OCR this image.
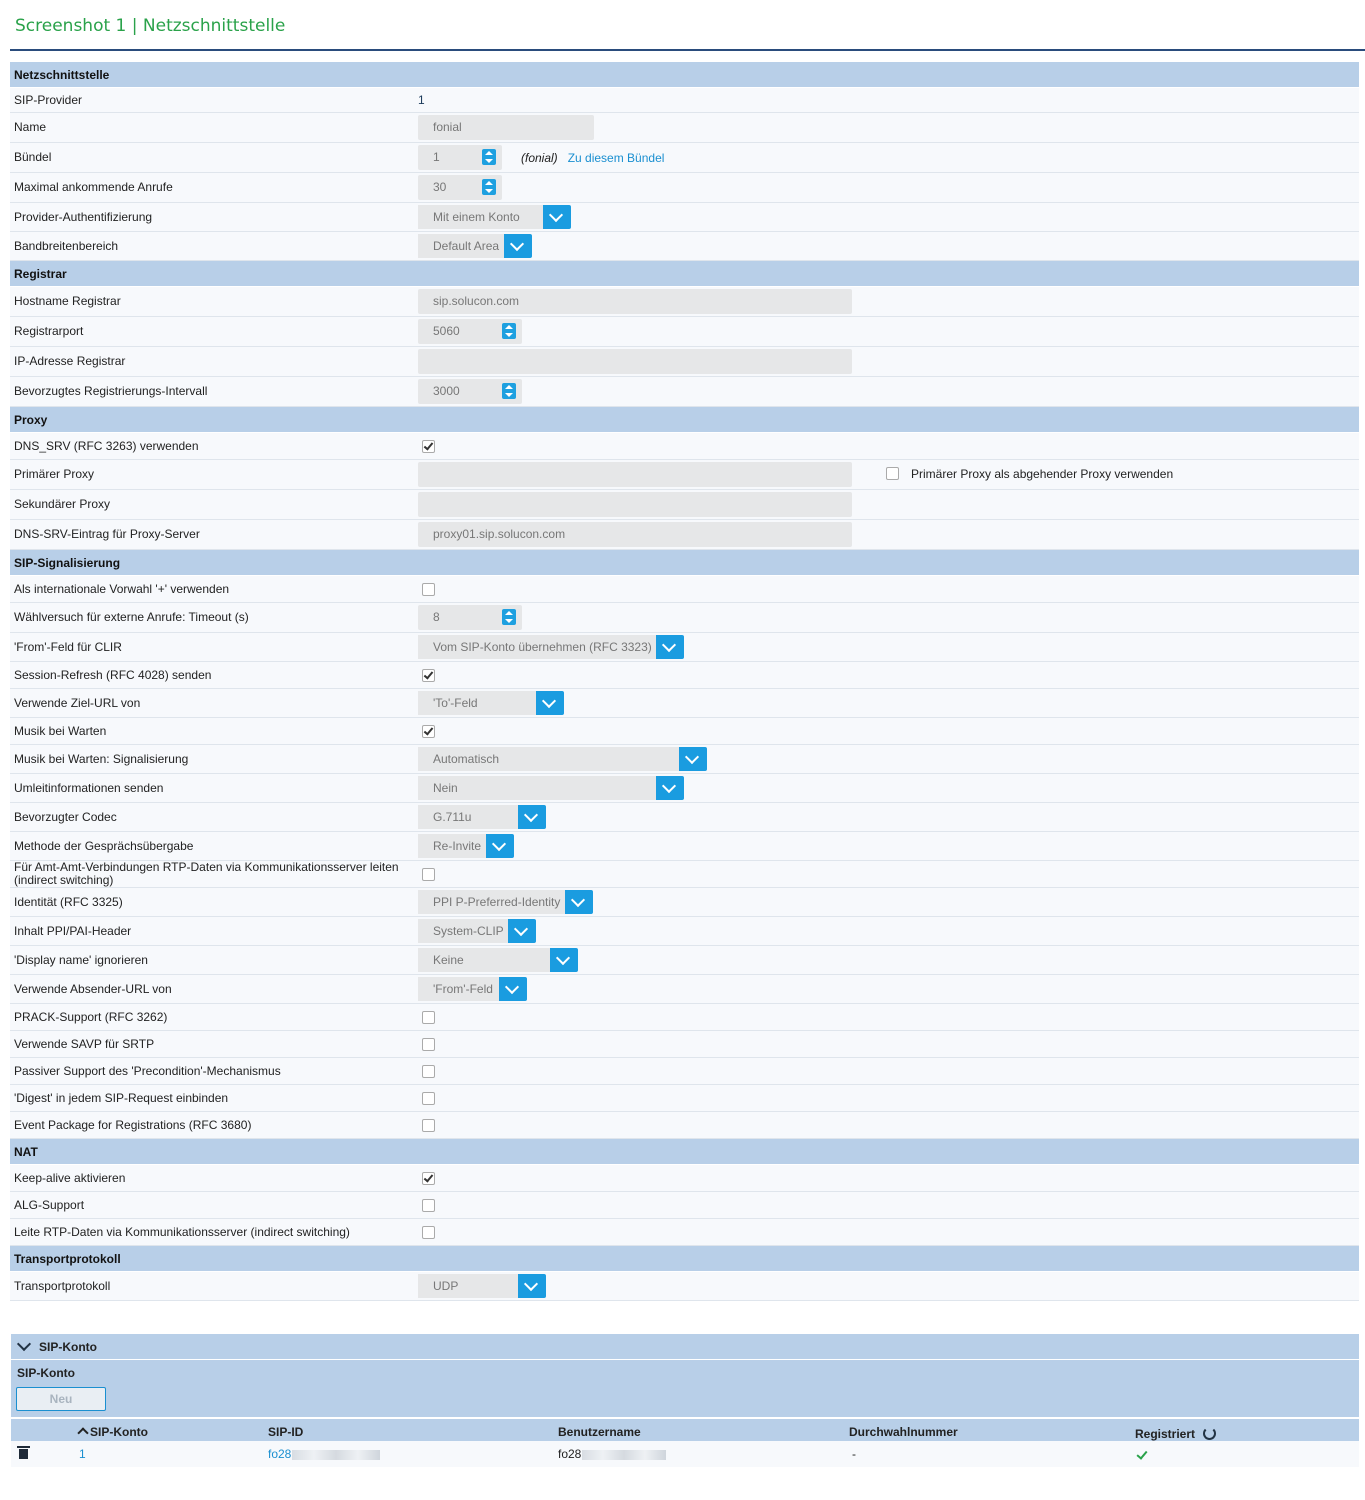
Screenshot 1 | Netzschnittstelle
Netzschnittstelle
SIP-Provider	1
Name	fonial
Bündel	1	(fonial) Zu diesem Bündel
Maximal ankommende Anrufe	30
Provider-Authentifizierung	Mit einem Konto
Bandbreitenbereich	Default Area
Registrar
Hostname Registrar	sip.solucon.com
Registrarport	5060
IP-Adresse Registrar
Bevorzugtes Registrierungs-Intervall	3000
Proxy
DNS_SRV (RFC 3263) verwenden
Primärer Proxy	Primärer Proxy als abgehender Proxy verwenden
Sekundärer Proxy
DNS-SRV-Eintrag für Proxy-Server	proxy01.sip.solucon.com
SIP-Signalisierung
Als internationale Vorwahl '+' verwenden
Wählversuch für externe Anrufe: Timeout (s)	8
'From'-Feld für CLIR	Vom SIP-Konto übernehmen (RFC 3323)
Session-Refresh (RFC 4028) senden
Verwende Ziel-URL von	'To'-Feld
Musik bei Warten
Musik bei Warten: Signalisierung	Automatisch
Umleitinformationen senden	Nein
Bevorzugter Codec	G.711u
Methode der Gesprächsübergabe	Re-Invite
Für Amt-Amt-Verbindungen RTP-Daten via Kommunikationsserver leiten (indirect switching)
Identität (RFC 3325)	PPI P-Preferred-Identity
Inhalt PPI/PAI-Header	System-CLIP
'Display name' ignorieren	Keine
Verwende Absender-URL von	'From'-Feld
PRACK-Support (RFC 3262)
Verwende SAVP für SRTP
Passiver Support des 'Precondition'-Mechanismus
'Digest' in jedem SIP-Request einbinden
Event Package for Registrations (RFC 3680)
NAT
Keep-alive aktivieren
ALG-Support
Leite RTP-Daten via Kommunikationsserver (indirect switching)
Transportprotokoll
Transportprotokoll	UDP
SIP-Konto
SIP-Konto
Neu
SIP-Konto	SIP-ID	Benutzername	Durchwahlnummer	Registriert
1	fo28	fo28	-
